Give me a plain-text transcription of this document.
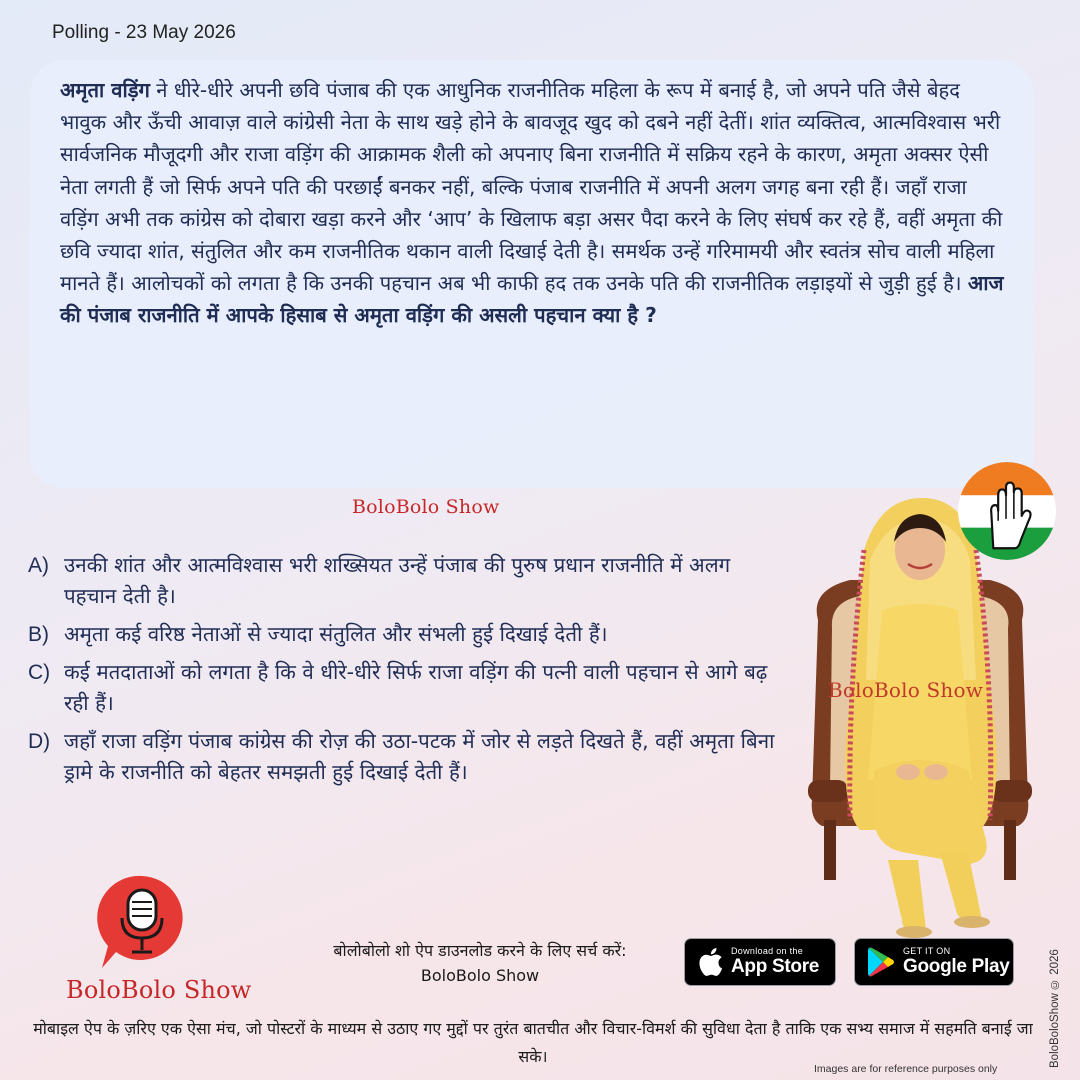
Polling - 23 May 2026

अमृता वड़िंग ने धीरे-धीरे अपनी छवि पंजाब की एक आधुनिक राजनीतिक महिला के रूप में बनाई है, जो अपने पति जैसे बेहद भावुक और ऊँची आवाज़ वाले कांग्रेसी नेता के साथ खड़े होने के बावजूद खुद को दबने नहीं देतीं। शांत व्यक्तित्व, आत्मविश्वास भरी सार्वजनिक मौजूदगी और राजा वड़िंग की आक्रामक शैली को अपनाए बिना राजनीति में सक्रिय रहने के कारण, अमृता अक्सर ऐसी नेता लगती हैं जो सिर्फ अपने पति की परछाईं बनकर नहीं, बल्कि पंजाब राजनीति में अपनी अलग जगह बना रही हैं। जहाँ राजा वड़िंग अभी तक कांग्रेस को दोबारा खड़ा करने और ‘आप’ के खिलाफ बड़ा असर पैदा करने के लिए संघर्ष कर रहे हैं, वहीं अमृता की छवि ज्यादा शांत, संतुलित और कम राजनीतिक थकान वाली दिखाई देती है। समर्थक उन्हें गरिमामयी और स्वतंत्र सोच वाली महिला मानते हैं। आलोचकों को लगता है कि उनकी पहचान अब भी काफी हद तक उनके पति की राजनीतिक लड़ाइयों से जुड़ी हुई है। आज की पंजाब राजनीति में आपके हिसाब से अमृता वड़िंग की असली पहचान क्या है ?

BoloBolo Show
A) उनकी शांत और आत्मविश्वास भरी शख्सियत उन्हें पंजाब की पुरुष प्रधान राजनीति में अलग पहचान देती है।
B) अमृता कई वरिष्ठ नेताओं से ज्यादा संतुलित और संभली हुई दिखाई देती हैं।
C) कई मतदाताओं को लगता है कि वे धीरे-धीरे सिर्फ राजा वड़िंग की पत्नी वाली पहचान से आगे बढ़ रही हैं।
D) जहाँ राजा वड़िंग पंजाब कांग्रेस की रोज़ की उठा-पटक में जोर से लड़ते दिखते हैं, वहीं अमृता बिना ड्रामे के राजनीति को बेहतर समझती हुई दिखाई देती हैं।
BoloBolo Show
BoloBolo Show
बोलोबोलो शो ऐप डाउनलोड करने के लिए सर्च करें:
BoloBolo Show
Download on the
App Store
GET IT ON
Google Play
मोबाइल ऐप के ज़रिए एक ऐसा मंच, जो पोस्टरों के माध्यम से उठाए गए मुद्दों पर तुरंत बातचीत और विचार-विमर्श की सुविधा देता है ताकि एक सभ्य समाज में सहमति बनाई जा सके।
Images are for reference purposes only
BoloBoloShow © 2026
